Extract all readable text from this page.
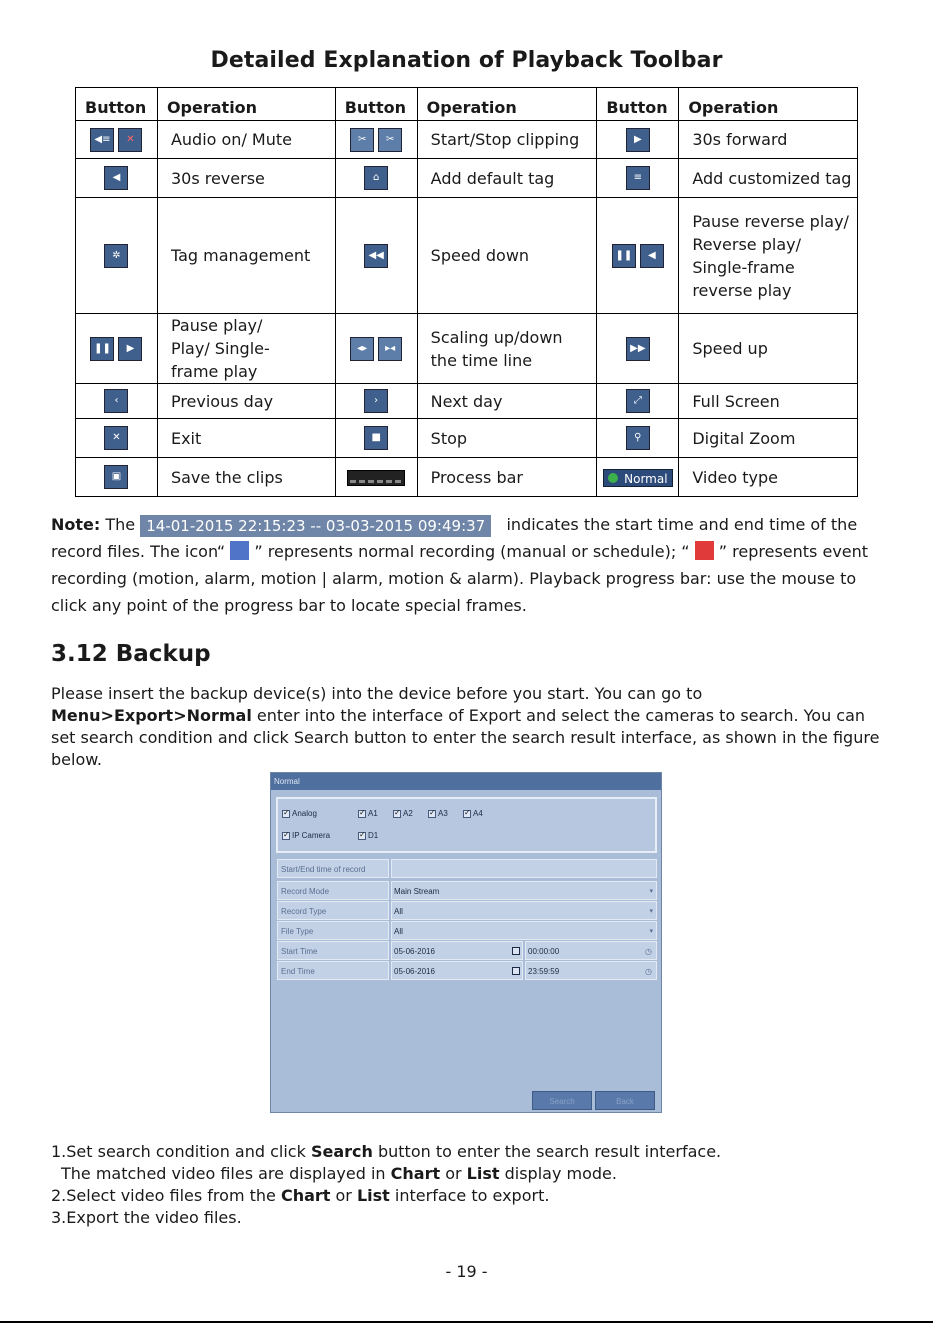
Detailed Explanation of Playback Toolbar
Button	Operation	Button	Operation	Button	Operation
◀≡ ✕	Audio on/ Mute	✂ ✂	Start/Stop clipping	▶	30s forward
◀	30s reverse	⌂	Add default tag	≡	Add customized tag
✲	Tag management	◀◀	Speed down	❚❚ ◀	Pause reverse play/ Reverse play/ Single-frame reverse play
❚❚ ▶	Pause play/ Play/ Single-frame play	◂▸ ▸◂	Scaling up/down the time line	▶▶	Speed up
‹	Previous day	›	Next day	⤢	Full Screen
✕	Exit	■	Stop	⚲	Digital Zoom
▣	Save the clips		Process bar	Normal	Video type
Note: The 14-01-2015 22:15:23 -- 03-03-2015 09:49:37 indicates the start time and end time of the record files. The icon“ ” represents normal recording (manual or schedule); “ ” represents event recording (motion, alarm, motion | alarm, motion & alarm). Playback progress bar: use the mouse to click any point of the progress bar to locate special frames.
3.12 Backup
Please insert the backup device(s) into the device before you start. You can go to Menu>Export>Normal enter into the interface of Export and select the cameras to search. You can set search condition and click Search button to enter the search result interface, as shown in the figure below.
Normal
✓Analog ✓	A1 ✓	A2 ✓	A3 ✓	A4
✓IP Camera ✓	D1
Start/End time of record
Record Mode	Main Stream	▾
Record Type	All	▾
File Type	All	▾
Start Time	05-06-2016	00:00:00	◷
End Time	05-06-2016	23:59:59	◷
Search	Back
1.Set search condition and click Search button to enter the search result interface.
The matched video files are displayed in Chart or List display mode.
2.Select video files from the Chart or List interface to export.
3.Export the video files.
- 19 -
